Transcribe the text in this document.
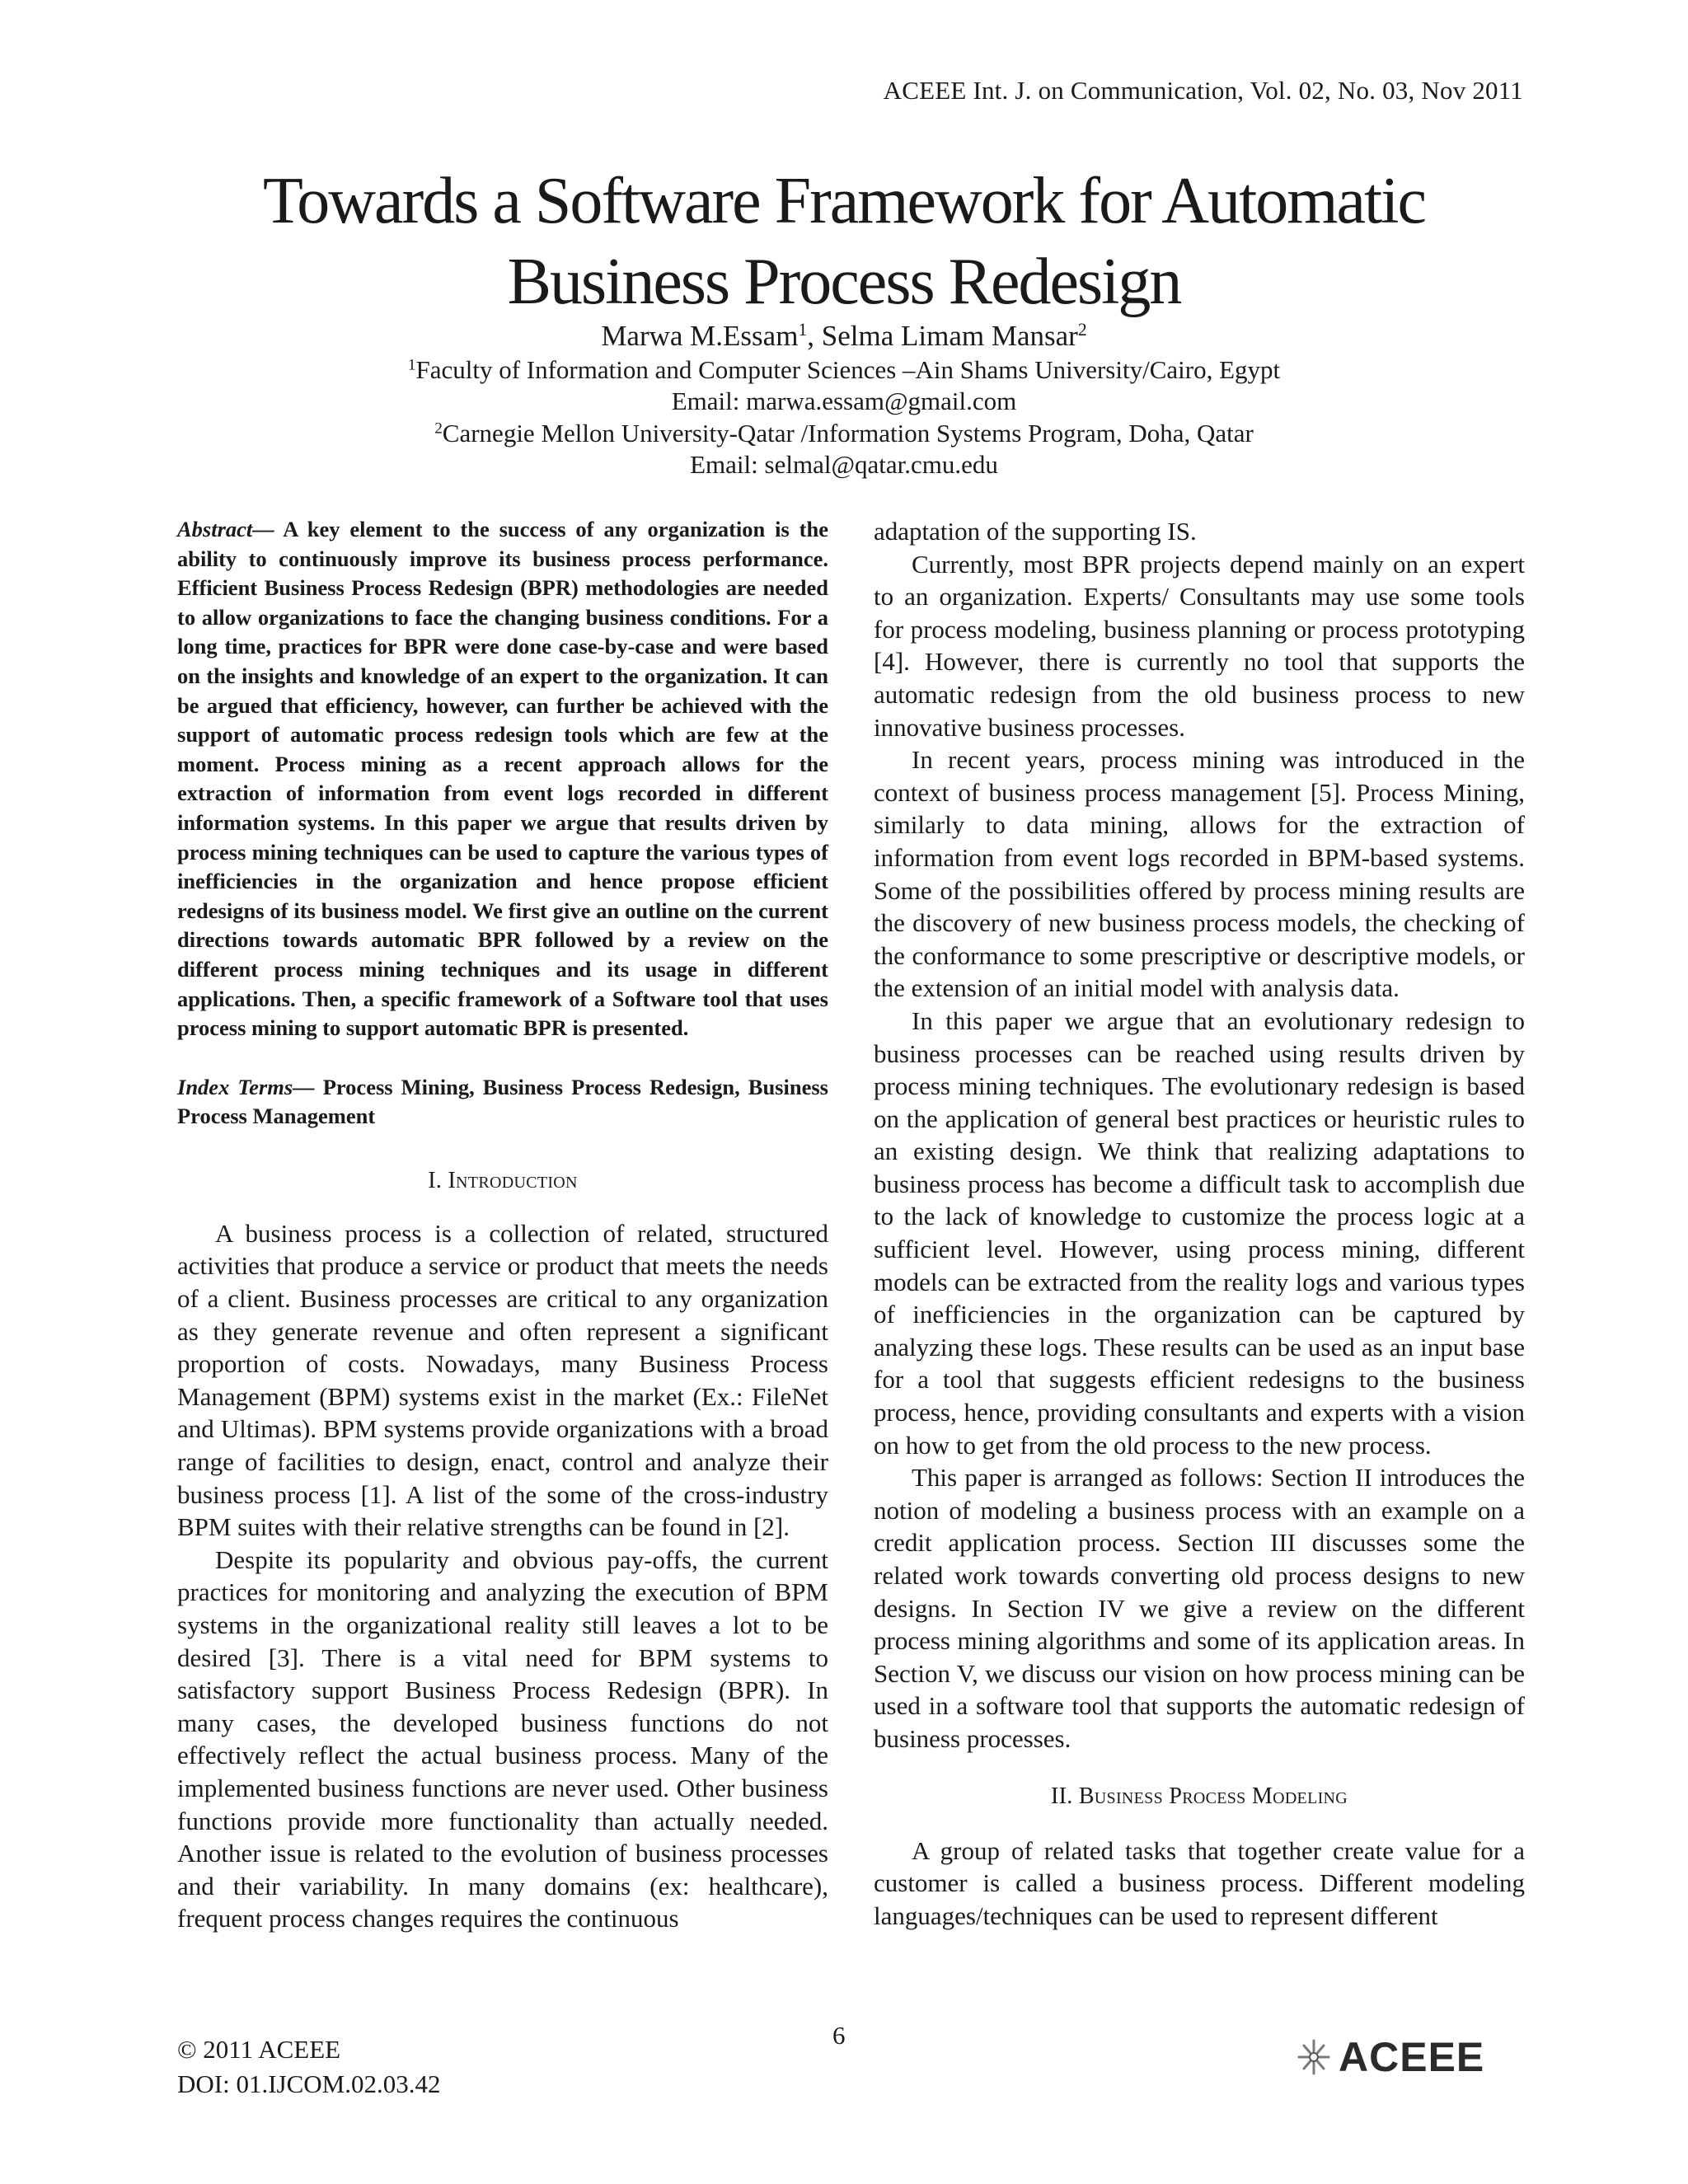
ACEEE Int. J. on Communication, Vol. 02, No. 03, Nov 2011
Towards a Software Framework for Automatic
Business Process Redesign
Marwa M.Essam$^1$, Selma Limam Mansar$^2$
$^1$Faculty of Information and Computer Sciences –Ain Shams University/Cairo, Egypt
Email: marwa.essam@gmail.com
$^2$Carnegie Mellon University-Qatar /Information Systems Program, Doha, Qatar
Email: selmal@qatar.cmu.edu

Abstract— A key element to the success of any organization is the ability to continuously improve its business process performance. Efficient Business Process Redesign (BPR) methodologies are needed to allow organizations to face the changing business conditions. For a long time, practices for BPR were done case-by-case and were based on the insights and knowledge of an expert to the organization. It can be argued that efficiency, however, can further be achieved with the support of automatic process redesign tools which are few at the moment. Process mining as a recent approach allows for the extraction of information from event logs recorded in different information systems. In this paper we argue that results driven by process mining techniques can be used to capture the various types of inefficiencies in the organization and hence propose efficient redesigns of its business model. We first give an outline on the current directions towards automatic BPR followed by a review on the different process mining techniques and its usage in different applications. Then, a specific framework of a Software tool that uses process mining to support automatic BPR is presented.

Index Terms— Process Mining, Business Process Redesign, Business Process Management

I. Introduction

A business process is a collection of related, structured activities that produce a service or product that meets the needs of a client. Business processes are critical to any organization as they generate revenue and often represent a significant proportion of costs. Nowadays, many Business Process Management (BPM) systems exist in the market (Ex.: FileNet and Ultimas). BPM systems provide organizations with a broad range of facilities to design, enact, control and analyze their business process [1]. A list of the some of the cross-industry BPM suites with their relative strengths can be found in [2].

Despite its popularity and obvious pay-offs, the current practices for monitoring and analyzing the execution of BPM systems in the organizational reality still leaves a lot to be desired [3]. There is a vital need for BPM systems to satisfactory support Business Process Redesign (BPR). In many cases, the developed business functions do not effectively reflect the actual business process. Many of the implemented business functions are never used. Other business functions provide more functionality than actually needed. Another issue is related to the evolution of business processes and their variability. In many domains (ex: healthcare), frequent process changes requires the continuous

adaptation of the supporting IS.

Currently, most BPR projects depend mainly on an expert to an organization. Experts/ Consultants may use some tools for process modeling, business planning or process prototyping [4]. However, there is currently no tool that supports the automatic redesign from the old business process to new innovative business processes.

In recent years, process mining was introduced in the context of business process management [5]. Process Mining, similarly to data mining, allows for the extraction of information from event logs recorded in BPM-based systems. Some of the possibilities offered by process mining results are the discovery of new business process models, the checking of the conformance to some prescriptive or descriptive models, or the extension of an initial model with analysis data.

In this paper we argue that an evolutionary redesign to business processes can be reached using results driven by process mining techniques. The evolutionary redesign is based on the application of general best practices or heuristic rules to an existing design. We think that realizing adaptations to business process has become a difficult task to accomplish due to the lack of knowledge to customize the process logic at a sufficient level. However, using process mining, different models can be extracted from the reality logs and various types of inefficiencies in the organization can be captured by analyzing these logs. These results can be used as an input base for a tool that suggests efficient redesigns to the business process, hence, providing consultants and experts with a vision on how to get from the old process to the new process.

This paper is arranged as follows: Section II introduces the notion of modeling a business process with an example on a credit application process. Section III discusses some the related work towards converting old process designs to new designs. In Section IV we give a review on the different process mining algorithms and some of its application areas. In Section V, we discuss our vision on how process mining can be used in a software tool that supports the automatic redesign of business processes.

II. Business Process Modeling

A group of related tasks that together create value for a customer is called a business process. Different modeling languages/techniques can be used to represent different

6
© 2011 ACEEE
DOI: 01.IJCOM.02.03.42
ACEEE
